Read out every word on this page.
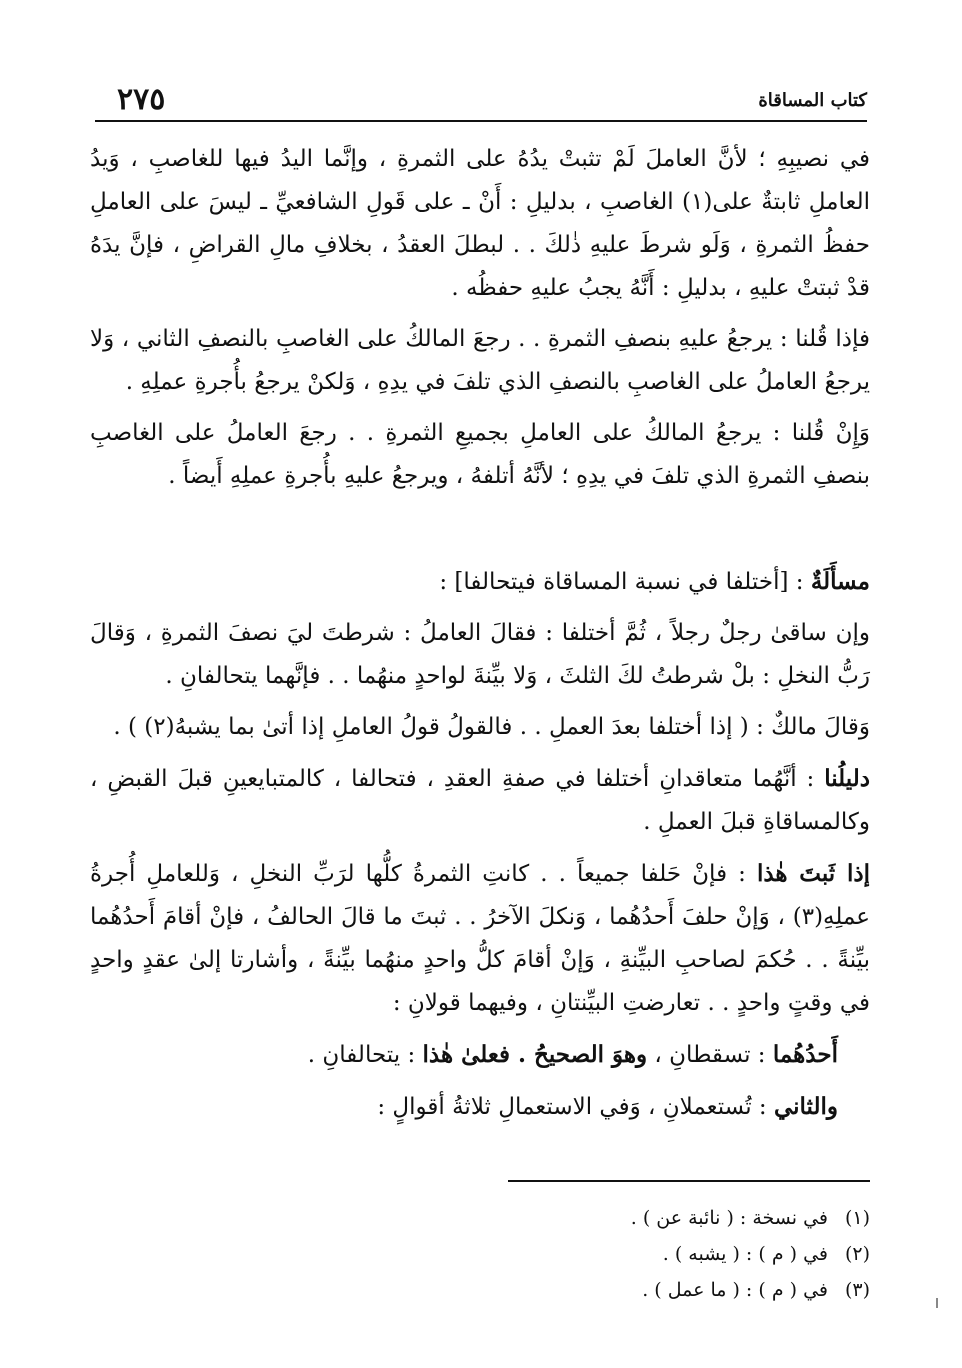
٢٧٥	كتاب المساقاة

في نصيبِهِ ؛ لأنَّ العاملَ لَمْ تثبتْ يدُهُ على الثمرةِ ، وإنَّما اليدُ فيها للغاصبِ ، وَيدُ العاملِ ثابتةٌ على(١) الغاصبِ ، بدليلِ : أَنْ ـ على قَولِ الشافعيِّ ـ ليسَ على العاملِ حفظُ الثمرةِ ، وَلَو شرطَ عليهِ ذٰلكَ . . لبطلَ العقدُ ، بخلافِ مالِ القراضِ ، فإنَّ يدَهُ قدْ ثبتتْ عليهِ ، بدليلِ : أَنَّهُ يجبُ عليهِ حفظُه .

فإذا قُلنا : يرجعُ عليهِ بنصفِ الثمرةِ . . رجعَ المالكُ على الغاصبِ بالنصفِ الثاني ، وَلا يرجعُ العاملُ على الغاصبِ بالنصفِ الذي تلفَ في يدِهِ ، وَلكنْ يرجعُ بأُجرةِ عملِهِ .

وَإِنْ قُلنا : يرجعُ المالكُ على العاملِ بجميعِ الثمرةِ . . رجعَ العاملُ على الغاصبِ بنصفِ الثمرةِ الذي تلفَ في يدِهِ ؛ لأنَّهُ أتلفهُ ، ويرجعُ عليهِ بأُجرةِ عملِهِ أَيضاً .

مسأَلَةٌ : [أختلفا في نسبة المساقاة فيتحالفا] :

وإن ساقىٰ رجلٌ رجلاً ، ثُمَّ أختلفا : فقالَ العاملُ : شرطتَ ليَ نصفَ الثمرةِ ، وَقالَ رَبُّ النخلِ : بلْ شرطتُ لكَ الثلثَ ، وَلا بيِّنةَ لواحدٍ منهُما . . فإنَّهما يتحالفانِ .

وَقالَ مالكٌ : ( إذا أختلفا بعدَ العملِ . . فالقولُ قولُ العاملِ إذا أتىٰ بما يشبهُ(٢) ) .

دليلُنا : أنَّهُما متعاقدانِ أختلفا في صفةِ العقدِ ، فتحالفا ، كالمتبايعينِ قبلَ القبضِ ، وكالمساقاةِ قبلَ العملِ .

إذا ثَبتَ هٰذا : فإنْ حَلفا جميعاً . . كانتِ الثمرةُ كلُّها لرَبِّ النخلِ ، وَللعاملِ أُجرةُ عملِهِ(٣) ، وَإنْ حلفَ أَحدُهُما ، وَنكلَ الآخرُ . . ثبتَ ما قالَ الحالفُ ، فإنْ أقامَ أَحدُهُما بيِّنةً . . حُكمَ لصاحبِ البيِّنةِ ، وَإنْ أقامَ كلُّ واحدٍ منهُما بيِّنةً ، وأشارتا إلىٰ عقدٍ واحدٍ في وقتٍ واحدٍ . . تعارضتِ البيِّنتانِ ، وفيهما قولانِ :

أَحدُهُما : تسقطانِ ، وهوَ الصحيحُ . فعلىٰ هٰذا : يتحالفانِ .

والثاني : تُستعملانِ ، وَفي الاستعمالِ ثلاثةُ أقوالٍ :

(١)في نسخة : ( نائبة عن ) .
(٢)في ( م ) : ( يشبه ) .
(٣)في ( م ) : ( ما عمل ) .
